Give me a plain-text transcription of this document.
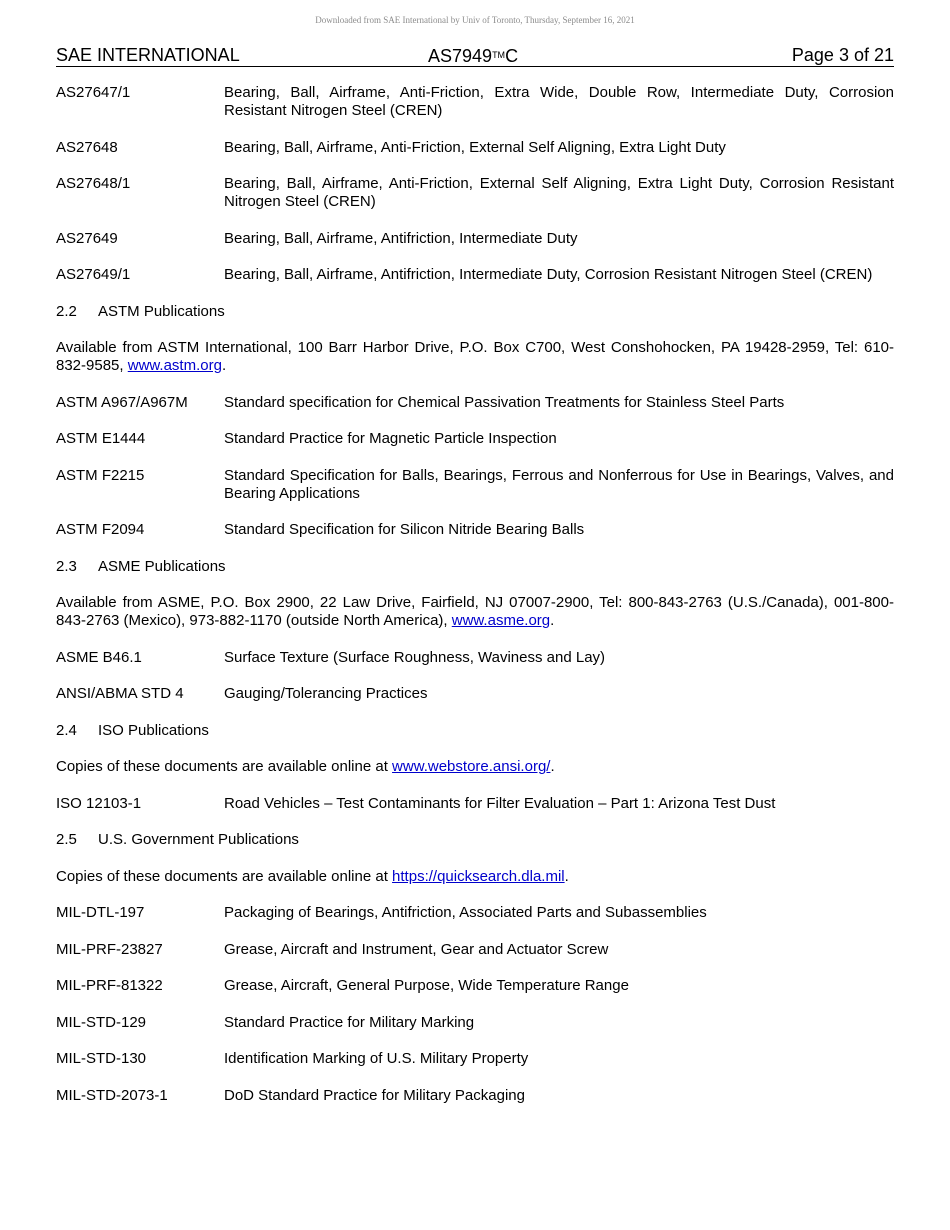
Downloaded from SAE International by Univ of Toronto, Thursday, September 16, 2021
SAE INTERNATIONAL	AS7949™C	Page 3 of 21
AS27647/1	Bearing, Ball, Airframe, Anti-Friction, Extra Wide, Double Row, Intermediate Duty, Corrosion Resistant Nitrogen Steel (CREN)
AS27648	Bearing, Ball, Airframe, Anti-Friction, External Self Aligning, Extra Light Duty
AS27648/1	Bearing, Ball, Airframe, Anti-Friction, External Self Aligning, Extra Light Duty, Corrosion Resistant Nitrogen Steel (CREN)
AS27649	Bearing, Ball, Airframe, Antifriction, Intermediate Duty
AS27649/1	Bearing, Ball, Airframe, Antifriction, Intermediate Duty, Corrosion Resistant Nitrogen Steel (CREN)
2.2	ASTM Publications
Available from ASTM International, 100 Barr Harbor Drive, P.O. Box C700, West Conshohocken, PA 19428-2959, Tel: 610-832-9585, www.astm.org.
ASTM A967/A967M	Standard specification for Chemical Passivation Treatments for Stainless Steel Parts
ASTM E1444	Standard Practice for Magnetic Particle Inspection
ASTM F2215	Standard Specification for Balls, Bearings, Ferrous and Nonferrous for Use in Bearings, Valves, and Bearing Applications
ASTM F2094	Standard Specification for Silicon Nitride Bearing Balls
2.3	ASME Publications
Available from ASME, P.O. Box 2900, 22 Law Drive, Fairfield, NJ 07007-2900, Tel: 800-843-2763 (U.S./Canada), 001-800-843-2763 (Mexico), 973-882-1170 (outside North America), www.asme.org.
ASME B46.1	Surface Texture (Surface Roughness, Waviness and Lay)
ANSI/ABMA STD 4	Gauging/Tolerancing Practices
2.4	ISO Publications
Copies of these documents are available online at www.webstore.ansi.org/.
ISO 12103-1	Road Vehicles – Test Contaminants for Filter Evaluation – Part 1: Arizona Test Dust
2.5	U.S. Government Publications
Copies of these documents are available online at https://quicksearch.dla.mil.
MIL-DTL-197	Packaging of Bearings, Antifriction, Associated Parts and Subassemblies
MIL-PRF-23827	Grease, Aircraft and Instrument, Gear and Actuator Screw
MIL-PRF-81322	Grease, Aircraft, General Purpose, Wide Temperature Range
MIL-STD-129	Standard Practice for Military Marking
MIL-STD-130	Identification Marking of U.S. Military Property
MIL-STD-2073-1	DoD Standard Practice for Military Packaging
